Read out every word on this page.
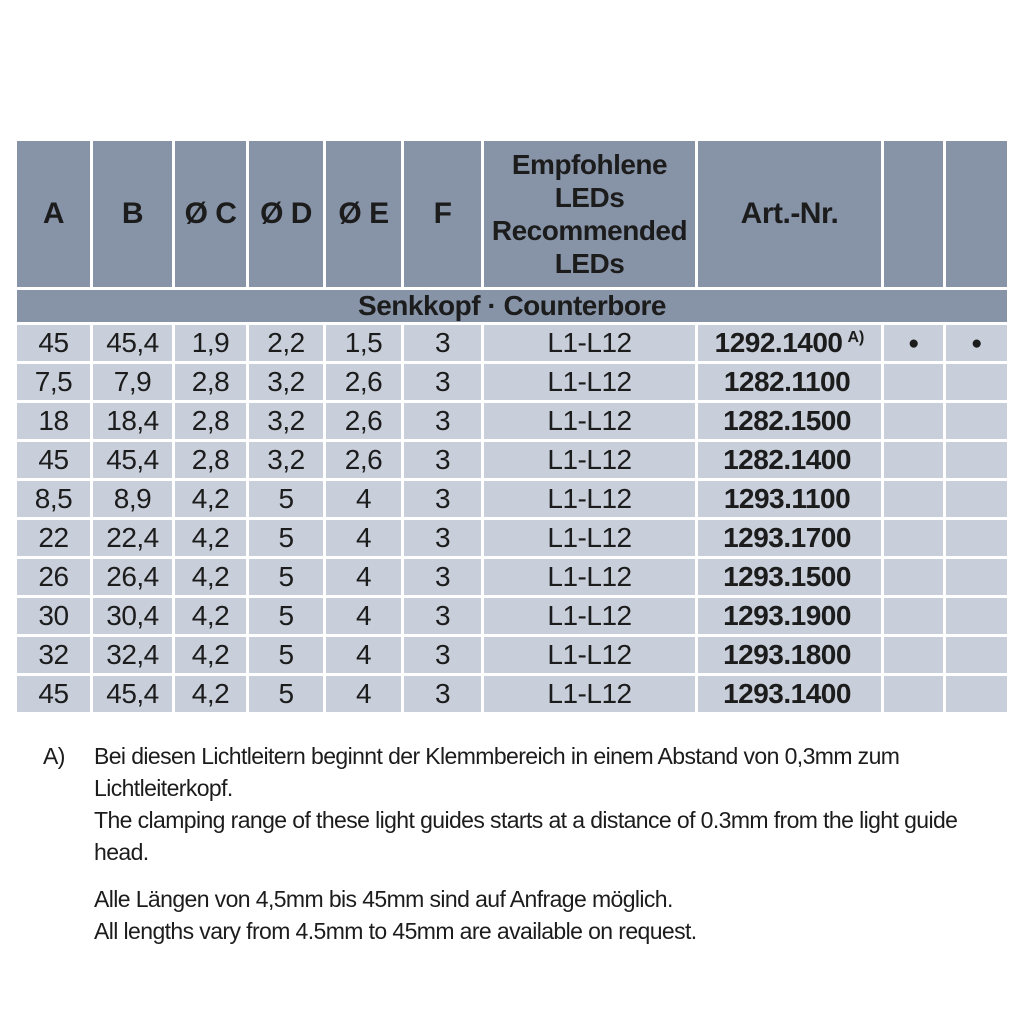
A	B	Ø C	Ø D	Ø E	F	Empfohlene
LEDs
Recommended
LEDs	Art.-Nr.		
Senkkopf · Counterbore									
45	45,4	1,9	2,2	1,5	3	L1-L12	1292.1400 $^{A)}$	●	●
7,5	7,9	2,8	3,2	2,6	3	L1-L12	1282.1100		
18	18,4	2,8	3,2	2,6	3	L1-L12	1282.1500		
45	45,4	2,8	3,2	2,6	3	L1-L12	1282.1400		
8,5	8,9	4,2	5	4	3	L1-L12	1293.1100		
22	22,4	4,2	5	4	3	L1-L12	1293.1700		
26	26,4	4,2	5	4	3	L1-L12	1293.1500		
30	30,4	4,2	5	4	3	L1-L12	1293.1900		
32	32,4	4,2	5	4	3	L1-L12	1293.1800		
45	45,4	4,2	5	4	3	L1-L12	1293.1400		
A)	Bei diesen Lichtleitern beginnt der Klemmbereich in einem Abstand von 0,3mm zum Lichtleiterkopf.
The clamping range of these light guides starts at a distance of 0.3mm from the light guide head.
Alle Längen von 4,5mm bis 45mm sind auf Anfrage möglich.
All lengths vary from 4.5mm to 45mm are available on request.
